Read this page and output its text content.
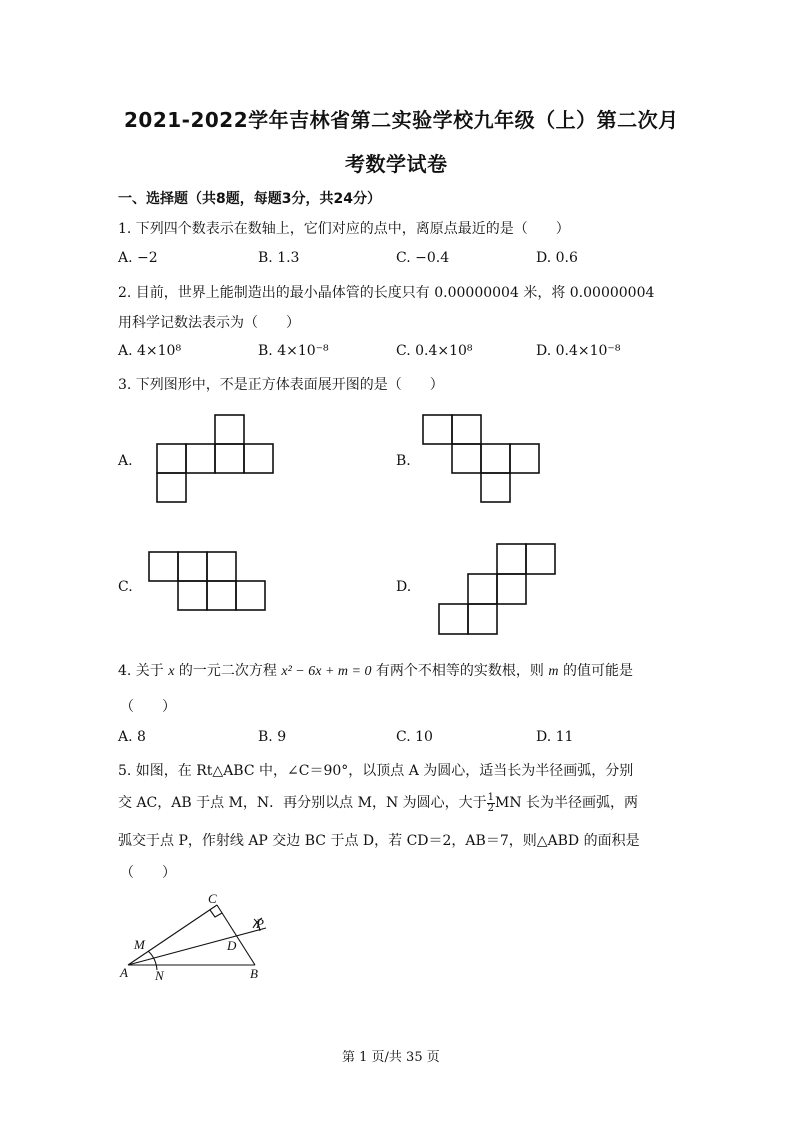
2021-2022学年吉林省第二实验学校九年级（上）第二次月
考数学试卷
一、选择题（共8题，每题3分，共24分）
1. 下列四个数表示在数轴上，它们对应的点中，离原点最近的是（　　）
A. −2	B. 1.3	C. −0.4	D. 0.6
2. 目前，世界上能制造出的最小晶体管的长度只有 0.00000004 米，将 0.00000004
用科学记数法表示为（　　）
A. 4×10⁸	B. 4×10⁻⁸	C. 0.4×10⁸	D. 0.4×10⁻⁸
3. 下列图形中，不是正方体表面展开图的是（　　）
A.	B.
C.	D.
4. 关于 x 的一元二次方程 x² − 6x + m = 0 有两个不相等的实数根，则 m 的值可能是
（　　）
A. 8	B. 9	C. 10	D. 11
5. 如图，在 Rt△ABC 中，∠C＝90°，以顶点 A 为圆心，适当长为半径画弧，分别
交 AC，AB 于点 M，N．再分别以点 M，N 为圆心，大于 $\frac{1}{2}$ MN 长为半径画弧，两
弧交于点 P，作射线 AP 交边 BC 于点 D，若 CD＝2，AB＝7，则△ABD 的面积是
（　　）
C
M	D
P
A N	B
第 1 页/共 35 页
